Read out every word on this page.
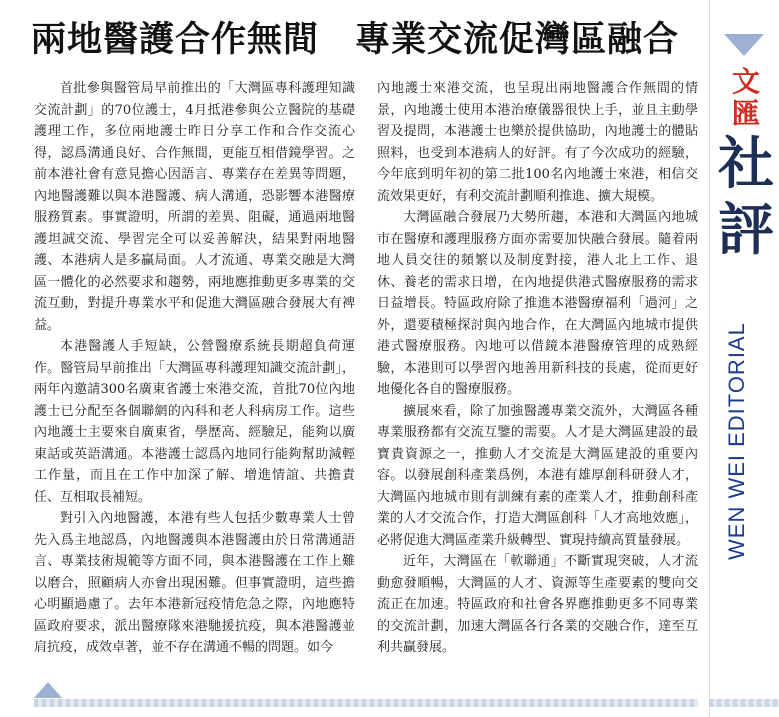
兩地醫護合作無間 專業交流促灣區融合

首批參與醫管局早前推出的「大灣區專科護理知識交流計劃」的70位護士，4月抵港參與公立醫院的基礎護理工作，多位兩地護士昨日分享工作和合作交流心得，認爲溝通良好、合作無間，更能互相借鏡學習。之前本港社會有意見擔心因語言、專業存在差異等問題，內地醫護難以與本港醫護、病人溝通，恐影響本港醫療服務質素。事實證明，所謂的差異、阻礙，通過兩地醫護坦誠交流、學習完全可以妥善解決，結果對兩地醫護、本港病人是多贏局面。人才流通、專業交融是大灣區一體化的必然要求和趨勢，兩地應推動更多專業的交流互動，對提升專業水平和促進大灣區融合發展大有裨益。

本港醫護人手短缺，公營醫療系統長期超負荷運作。醫管局早前推出「大灣區專科護理知識交流計劃」，兩年內邀請300名廣東省護士來港交流，首批70位內地護士已分配至各個聯網的內科和老人科病房工作。這些內地護士主要來自廣東省，學歷高、經驗足，能夠以廣東話或英語溝通。本港護士認爲內地同行能夠幫助減輕工作量，而且在工作中加深了解、增進情誼、共擔責任、互相取長補短。

對引入內地醫護，本港有些人包括少數專業人士曾先入爲主地認爲，內地醫護與本港醫護由於日常溝通語言、專業技術規範等方面不同，與本港醫護在工作上難以磨合，照顧病人亦會出現困難。但事實證明，這些擔心明顯過慮了。去年本港新冠疫情危急之際，內地應特區政府要求，派出醫療隊來港馳援抗疫，與本港醫護並肩抗疫，成效卓著，並不存在溝通不暢的問題。如今

內地護士來港交流，也呈現出兩地醫護合作無間的情景，內地護士使用本港治療儀器很快上手，並且主動學習及提問，本港護士也樂於提供協助，內地護士的體貼照料，也受到本港病人的好評。有了今次成功的經驗，今年底到明年初的第二批100名內地護士來港，相信交流效果更好，有利交流計劃順利推進、擴大規模。

大灣區融合發展乃大勢所趨，本港和大灣區內地城市在醫療和護理服務方面亦需要加快融合發展。隨着兩地人員交往的頻繁以及制度對接，港人北上工作、退休、養老的需求日增，在內地提供港式醫療服務的需求日益增長。特區政府除了推進本港醫療福利「過河」之外，還要積極探討與內地合作，在大灣區內地城市提供港式醫療服務。內地可以借鏡本港醫療管理的成熟經驗，本港則可以學習內地善用新科技的長處，從而更好地優化各自的醫療服務。

擴展來看，除了加強醫護專業交流外，大灣區各種專業服務都有交流互鑒的需要。人才是大灣區建設的最寶貴資源之一，推動人才交流是大灣區建設的重要內容。以發展創科產業爲例，本港有雄厚創科研發人才，大灣區內地城市則有訓練有素的產業人才，推動創科產業的人才交流合作，打造大灣區創科「人才高地效應」，必將促進大灣區產業升級轉型、實現持續高質量發展。

近年，大灣區在「軟聯通」不斷實現突破，人才流動愈發順暢，大灣區的人才、資源等生產要素的雙向交流正在加速。特區政府和社會各界應推動更多不同專業的交流計劃，加速大灣區各行各業的交融合作，達至互利共贏發展。

文匯
社評
WEN WEI EDITORIAL
